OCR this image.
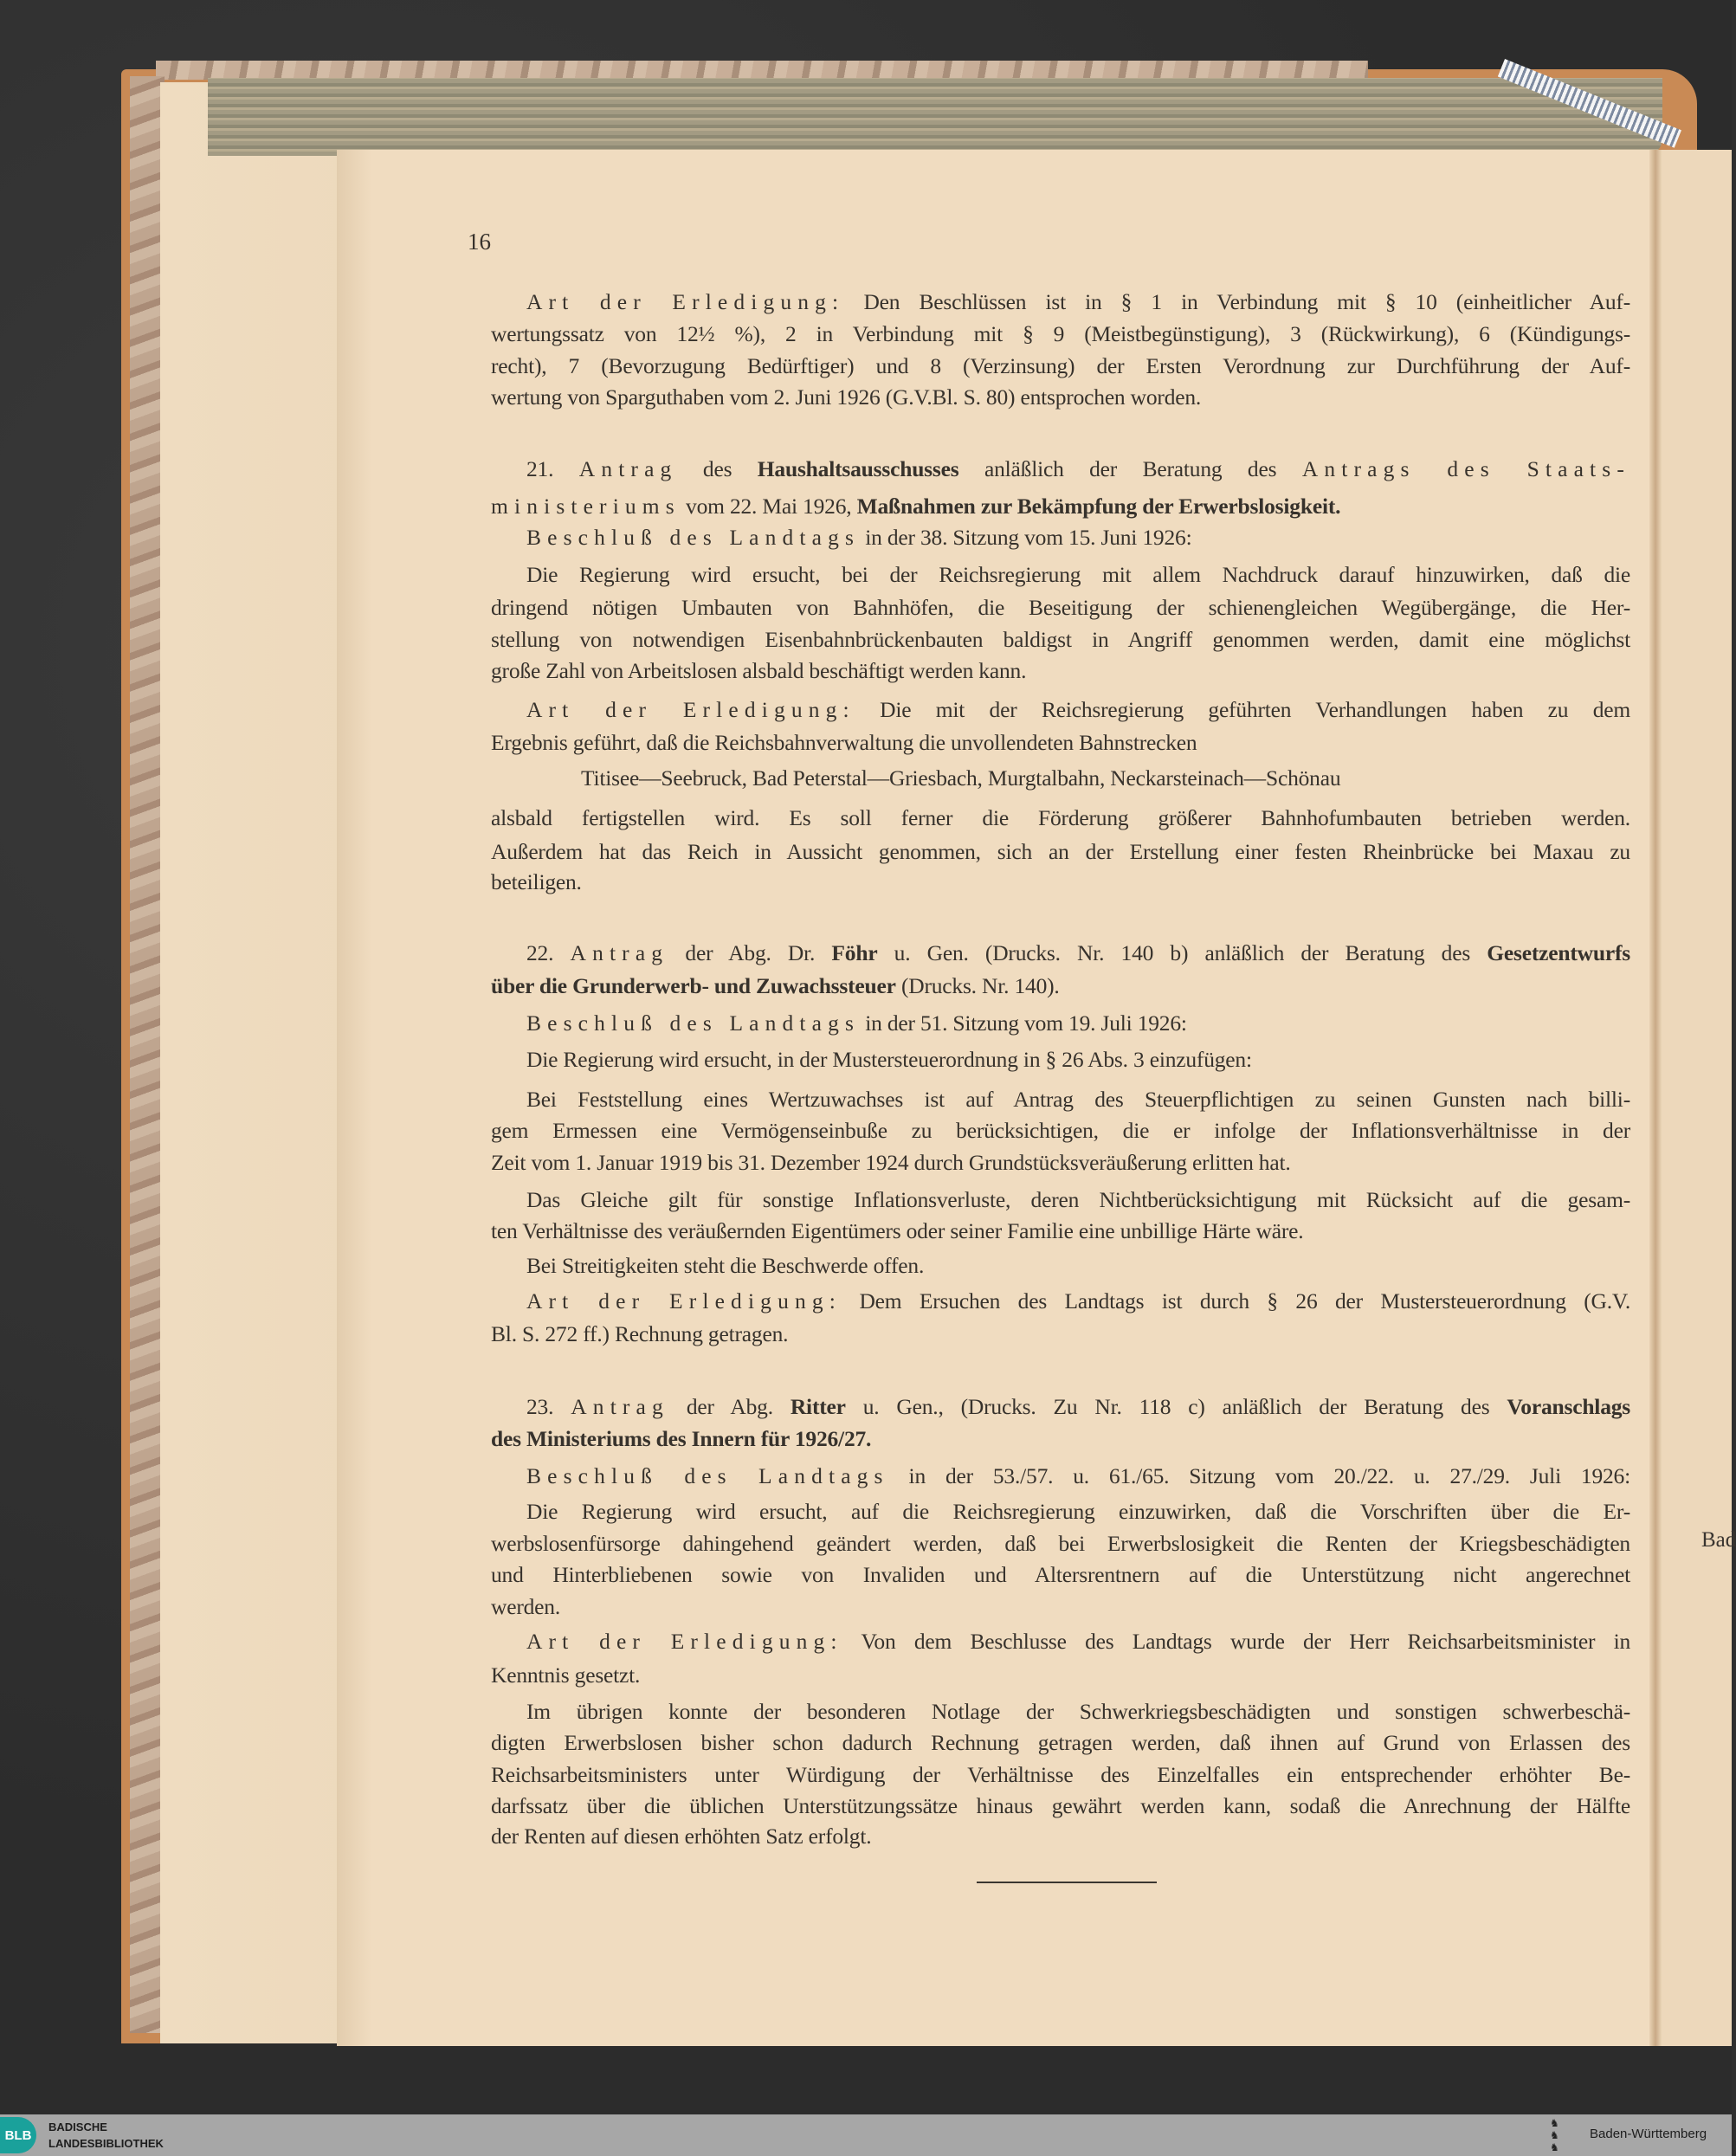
Bad
16
Art der Erledigung: Den Beschlüssen ist in § 1 in Verbindung mit § 10 (einheitlicher Auf-
wertungssatz von 12½ %), 2 in Verbindung mit § 9 (Meistbegünstigung), 3 (Rückwirkung), 6 (Kündigungs-
recht), 7 (Bevorzugung Bedürftiger) und 8 (Verzinsung) der Ersten Verordnung zur Durchführung der Auf-
wertung von Sparguthaben vom 2. Juni 1926 (G.V.Bl. S. 80) entsprochen worden.
21. Antrag des Haushaltsausschusses anläßlich der Beratung des Antrags des Staats-
ministeriums vom 22. Mai 1926, Maßnahmen zur Bekämpfung der Erwerbslosigkeit.
Beschluß des Landtags in der 38. Sitzung vom 15. Juni 1926:
Die Regierung wird ersucht, bei der Reichsregierung mit allem Nachdruck darauf hinzuwirken, daß die
dringend nötigen Umbauten von Bahnhöfen, die Beseitigung der schienengleichen Wegübergänge, die Her-
stellung von notwendigen Eisenbahnbrückenbauten baldigst in Angriff genommen werden, damit eine möglichst
große Zahl von Arbeitslosen alsbald beschäftigt werden kann.
Art der Erledigung: Die mit der Reichsregierung geführten Verhandlungen haben zu dem
Ergebnis geführt, daß die Reichsbahnverwaltung die unvollendeten Bahnstrecken
Titisee—Seebruck, Bad Peterstal—Griesbach, Murgtalbahn, Neckarsteinach—Schönau
alsbald fertigstellen wird. Es soll ferner die Förderung größerer Bahnhofumbauten betrieben werden.
Außerdem hat das Reich in Aussicht genommen, sich an der Erstellung einer festen Rheinbrücke bei Maxau zu
beteiligen.
22. Antrag der Abg. Dr. Föhr u. Gen. (Drucks. Nr. 140 b) anläßlich der Beratung des Gesetzentwurfs
über die Grunderwerb- und Zuwachssteuer (Drucks. Nr. 140).
Beschluß des Landtags in der 51. Sitzung vom 19. Juli 1926:
Die Regierung wird ersucht, in der Mustersteuerordnung in § 26 Abs. 3 einzufügen:
Bei Feststellung eines Wertzuwachses ist auf Antrag des Steuerpflichtigen zu seinen Gunsten nach billi-
gem Ermessen eine Vermögenseinbuße zu berücksichtigen, die er infolge der Inflationsverhältnisse in der
Zeit vom 1. Januar 1919 bis 31. Dezember 1924 durch Grundstücksveräußerung erlitten hat.
Das Gleiche gilt für sonstige Inflationsverluste, deren Nichtberücksichtigung mit Rücksicht auf die gesam-
ten Verhältnisse des veräußernden Eigentümers oder seiner Familie eine unbillige Härte wäre.
Bei Streitigkeiten steht die Beschwerde offen.
Art der Erledigung: Dem Ersuchen des Landtags ist durch § 26 der Mustersteuerordnung (G.V.
Bl. S. 272 ff.) Rechnung getragen.
23. Antrag der Abg. Ritter u. Gen., (Drucks. Zu Nr. 118 c) anläßlich der Beratung des Voranschlags
des Ministeriums des Innern für 1926/27.
Beschluß des Landtags in der 53./57. u. 61./65. Sitzung vom 20./22. u. 27./29. Juli 1926:
Die Regierung wird ersucht, auf die Reichsregierung einzuwirken, daß die Vorschriften über die Er-
werbslosenfürsorge dahingehend geändert werden, daß bei Erwerbslosigkeit die Renten der Kriegsbeschädigten
und Hinterbliebenen sowie von Invaliden und Altersrentnern auf die Unterstützung nicht angerechnet
werden.
Art der Erledigung: Von dem Beschlusse des Landtags wurde der Herr Reichsarbeitsminister in
Kenntnis gesetzt.
Im übrigen konnte der besonderen Notlage der Schwerkriegsbeschädigten und sonstigen schwerbeschä-
digten Erwerbslosen bisher schon dadurch Rechnung getragen werden, daß ihnen auf Grund von Erlassen des
Reichsarbeitsministers unter Würdigung der Verhältnisse des Einzelfalles ein entsprechender erhöhter Be-
darfssatz über die üblichen Unterstützungssätze hinaus gewährt werden kann, sodaß die Anrechnung der Hälfte
der Renten auf diesen erhöhten Satz erfolgt.
BLB
BADISCHE
LANDESBIBLIOTHEK
♞
♞
♞
Baden-Württemberg
